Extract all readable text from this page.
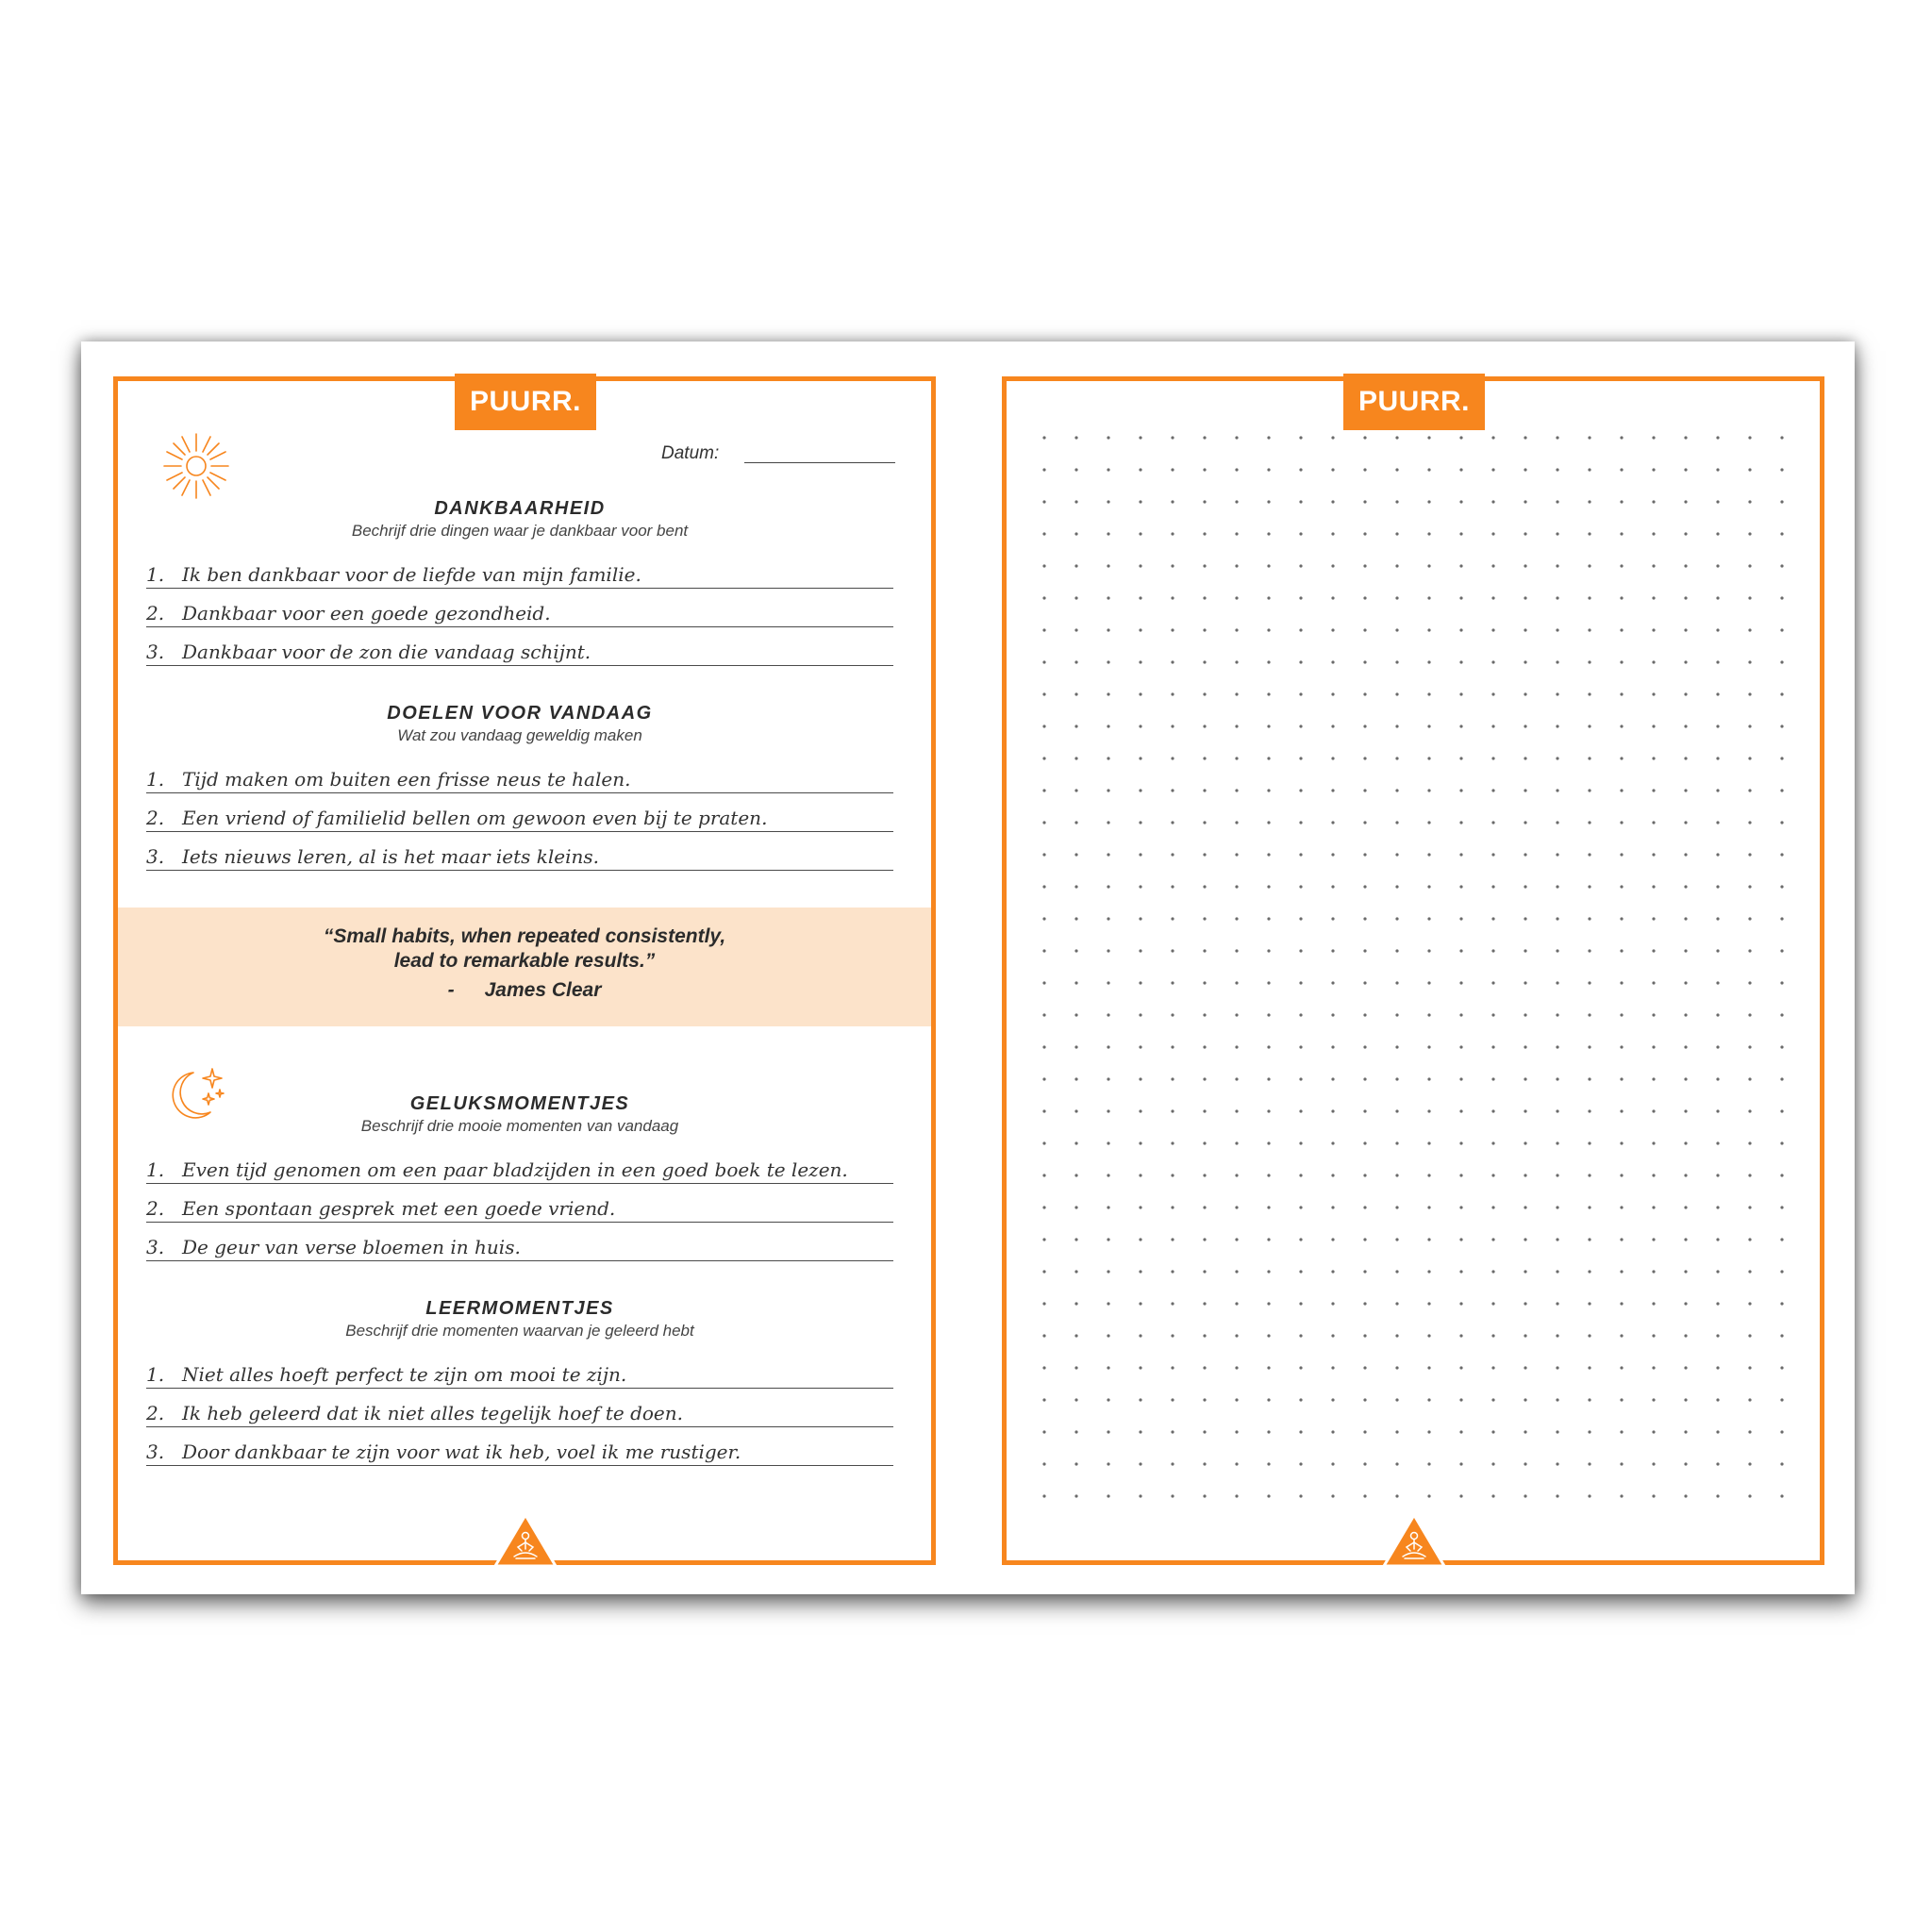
PUURR.
Datum:

DANKBAARHEID

Bechrijf drie dingen waar je dankbaar voor bent

1. Ik ben dankbaar voor de liefde van mijn familie.
2. Dankbaar voor een goede gezondheid.
3. Dankbaar voor de zon die vandaag schijnt.

DOELEN VOOR VANDAAG

Wat zou vandaag geweldig maken

1. Tijd maken om buiten een frisse neus te halen.
2. Een vriend of familielid bellen om gewoon even bij te praten.
3. Iets nieuws leren, al is het maar iets kleins.
“Small habits, when repeated consistently,
lead to remarkable results.”
- James Clear

GELUKSMOMENTJES

Beschrijf drie mooie momenten van vandaag

1. Even tijd genomen om een paar bladzijden in een goed boek te lezen.
2. Een spontaan gesprek met een goede vriend.
3. De geur van verse bloemen in huis.

LEERMOMENTJES

Beschrijf drie momenten waarvan je geleerd hebt

1. Niet alles hoeft perfect te zijn om mooi te zijn.
2. Ik heb geleerd dat ik niet alles tegelijk hoef te doen.
3. Door dankbaar te zijn voor wat ik heb, voel ik me rustiger.
PUURR.
